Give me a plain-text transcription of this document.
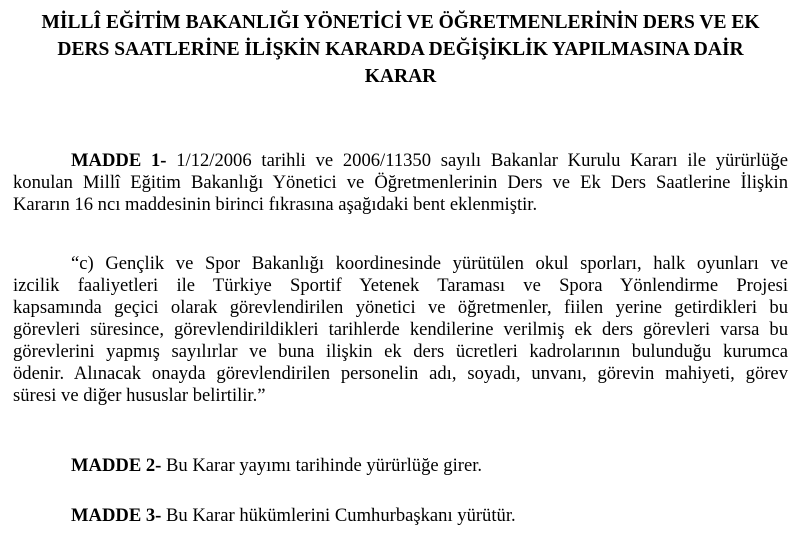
MİLLÎ EĞİTİM BAKANLIĞI YÖNETİCİ VE ÖĞRETMENLERİNİN DERS VE EK
DERS SAATLERİNE İLİŞKİN KARARDA DEĞİŞİKLİK YAPILMASINA DAİR
KARAR
MADDE 1- 1/12/2006 tarihli ve 2006/11350 sayılı Bakanlar Kurulu Kararı ile yürürlüğe
konulan Millî Eğitim Bakanlığı Yönetici ve Öğretmenlerinin Ders ve Ek Ders Saatlerine İlişkin
Kararın 16 ncı maddesinin birinci fıkrasına aşağıdaki bent eklenmiştir.
“c) Gençlik ve Spor Bakanlığı koordinesinde yürütülen okul sporları, halk oyunları ve
izcilik faaliyetleri ile Türkiye Sportif Yetenek Taraması ve Spora Yönlendirme Projesi
kapsamında geçici olarak görevlendirilen yönetici ve öğretmenler, fiilen yerine getirdikleri bu
görevleri süresince, görevlendirildikleri tarihlerde kendilerine verilmiş ek ders görevleri varsa bu
görevlerini yapmış sayılırlar ve buna ilişkin ek ders ücretleri kadrolarının bulunduğu kurumca
ödenir. Alınacak onayda görevlendirilen personelin adı, soyadı, unvanı, görevin mahiyeti, görev
süresi ve diğer hususlar belirtilir.”
MADDE 2- Bu Karar yayımı tarihinde yürürlüğe girer.
MADDE 3- Bu Karar hükümlerini Cumhurbaşkanı yürütür.
